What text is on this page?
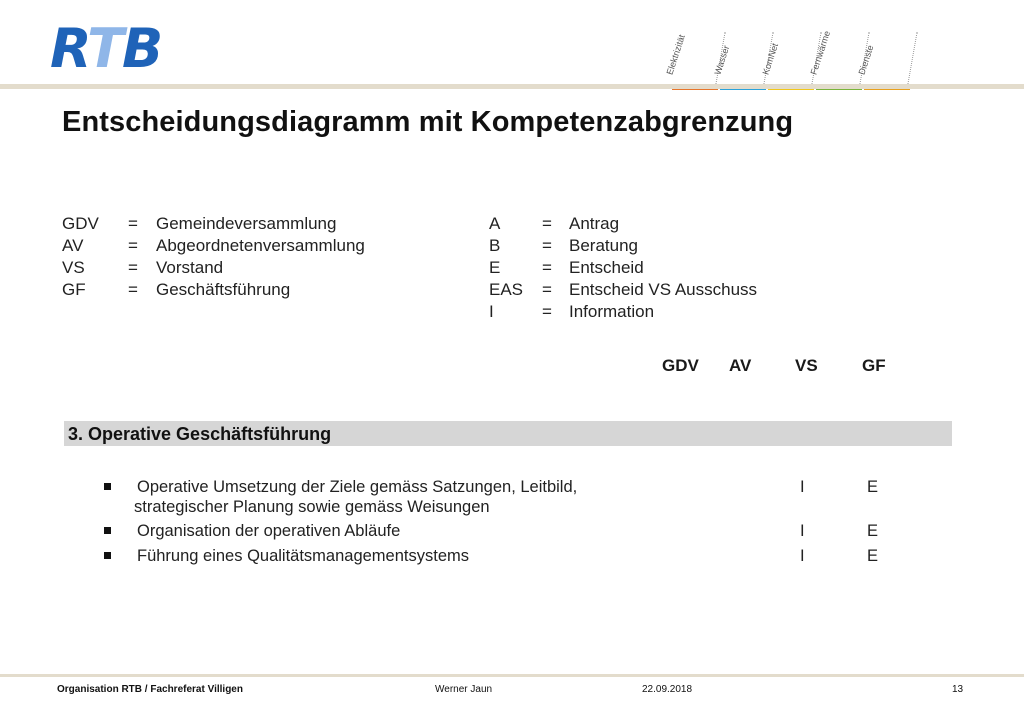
RTB	Elektrizität	Wasser	KomNet	Fernwärme	Dienste
Entscheidungsdiagramm mit Kompetenzabgrenzung
GDV = Gemeindeversammlung
AV	= Abgeordnetenversammlung
VS	= Vorstand
GF = Geschäftsführung
A = Antrag
B = Beratung
E = Entscheid
EAS = Entscheid VS Ausschuss
I	= Information
GDV AV	VS	GF
3. Operative Geschäftsführung
Operative Umsetzung der Ziele gemäss Satzungen, Leitbild,
strategischer Planung sowie gemäss Weisungen
I	E
Organisation der operativen Abläufe	I	E
Führung eines Qualitätsmanagementsystems	I	E
Organisation RTB / Fachreferat Villigen	Werner Jaun	22.09.2018	13
